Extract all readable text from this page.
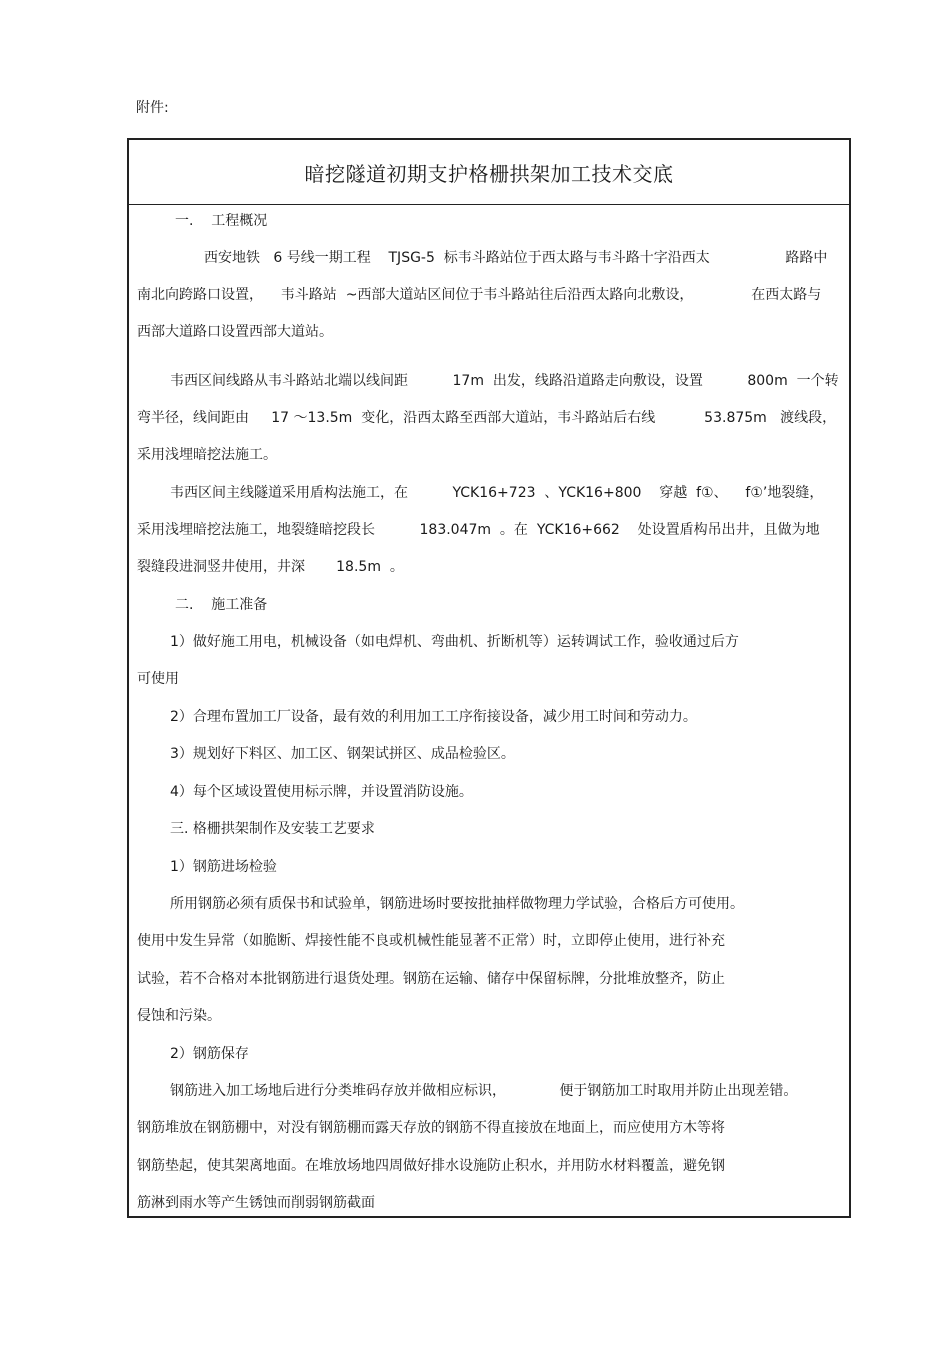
附件:
暗挖隧道初期支护格栅拱架加工技术交底
一.    工程概况
西安地铁   6 号线一期工程    TJSG-5  标韦斗路站位于西太路与韦斗路十字沿西太                 路路中
南北向跨路口设置，    韦斗路站  ~西部大道站区间位于韦斗路站往后沿西太路向北敷设，             在西太路与
西部大道路口设置西部大道站。
韦西区间线路从韦斗路站北端以线间距          17m  出发，线路沿道路走向敷设，设置          800m  一个转
弯半径，线间距由     17 ～13.5m  变化，沿西太路至西部大道站，韦斗路站后右线           53.875m   渡线段，
采用浅埋暗挖法施工。
韦西区间主线隧道采用盾构法施工，在          YCK16+723  、YCK16+800    穿越  f①、    f①’地裂缝，
采用浅埋暗挖法施工，地裂缝暗挖段长          183.047m  。在  YCK16+662    处设置盾构吊出井，且做为地
裂缝段进洞竖井使用，井深       18.5m  。
二.    施工准备
1）做好施工用电，机械设备（如电焊机、弯曲机、折断机等）运转调试工作，验收通过后方
可使用
2）合理布置加工厂设备，最有效的利用加工工序衔接设备，减少用工时间和劳动力。
3）规划好下料区、加工区、钢架试拼区、成品检验区。
4）每个区域设置使用标示牌，并设置消防设施。
三. 格栅拱架制作及安装工艺要求
1）钢筋进场检验
所用钢筋必须有质保书和试验单，钢筋进场时要按批抽样做物理力学试验，合格后方可使用。
使用中发生异常（如脆断、焊接性能不良或机械性能显著不正常）时，立即停止使用，进行补充
试验，若不合格对本批钢筋进行退货处理。钢筋在运输、储存中保留标牌，分批堆放整齐，防止
侵蚀和污染。
2）钢筋保存
钢筋进入加工场地后进行分类堆码存放并做相应标识，            便于钢筋加工时取用并防止出现差错。
钢筋堆放在钢筋棚中，对没有钢筋棚而露天存放的钢筋不得直接放在地面上，而应使用方木等将
钢筋垫起，使其架离地面。在堆放场地四周做好排水设施防止积水，并用防水材料覆盖，避免钢
筋淋到雨水等产生锈蚀而削弱钢筋截面
